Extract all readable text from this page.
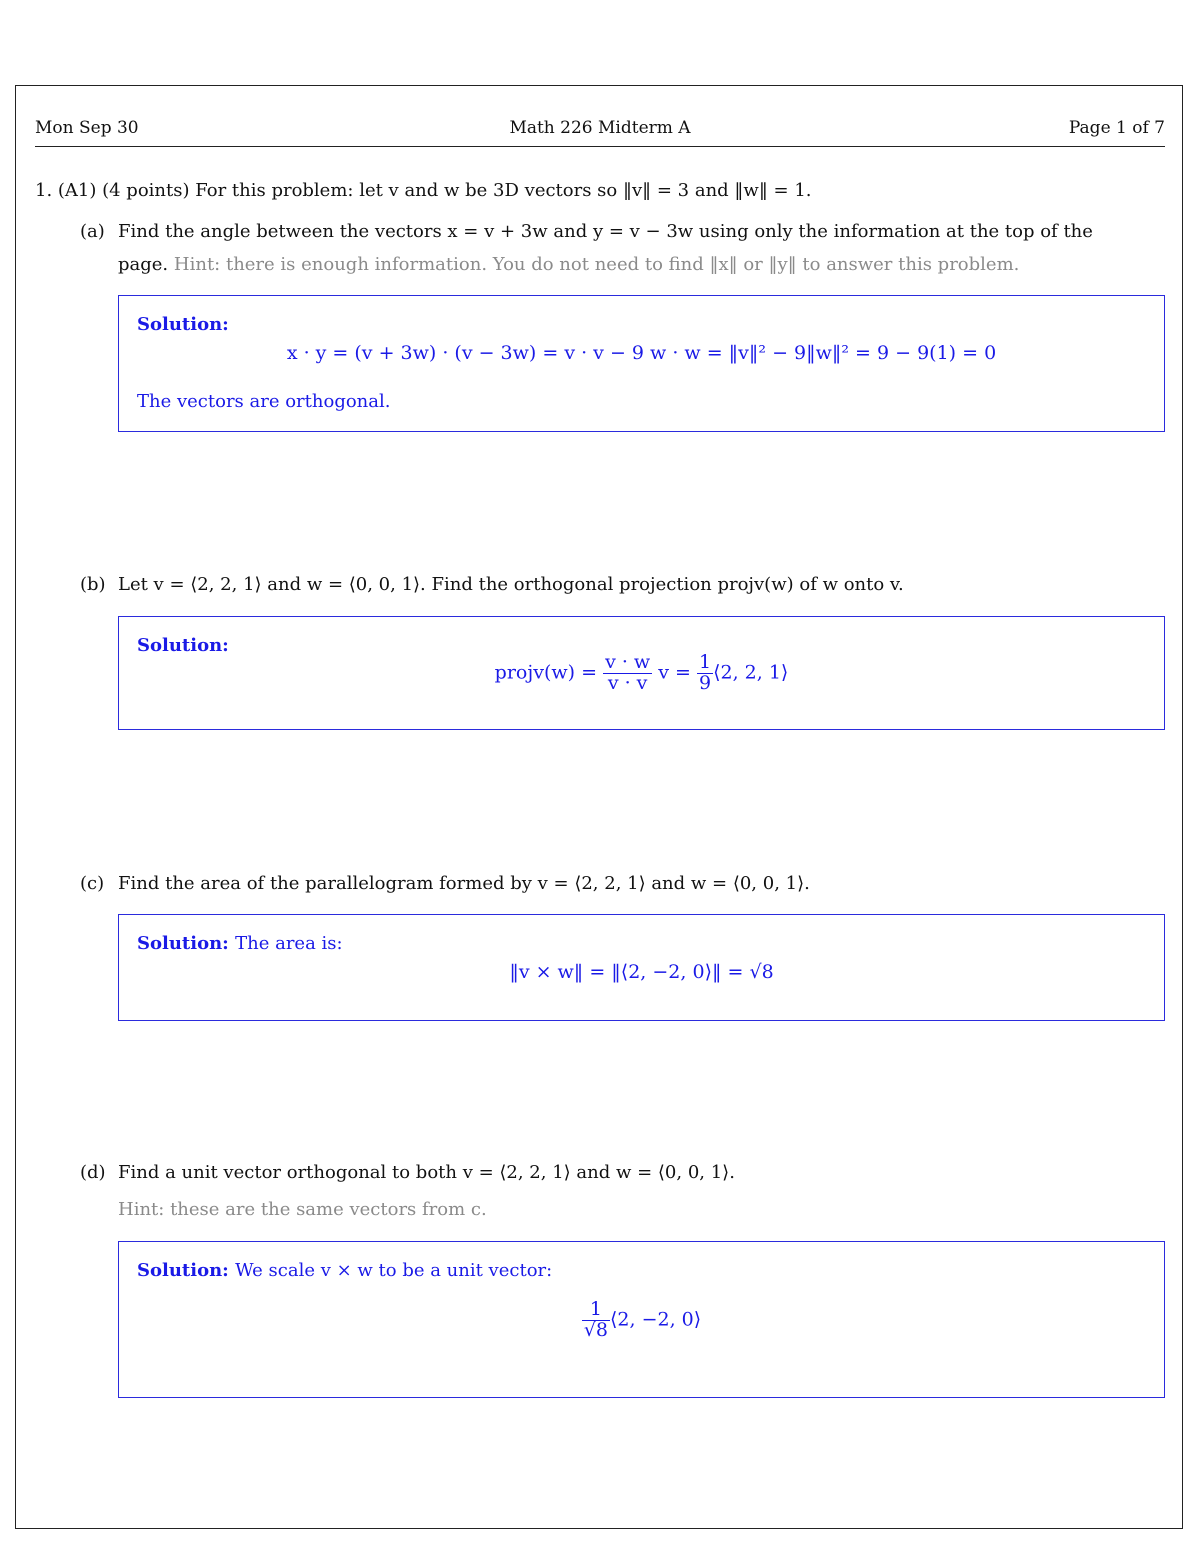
Mon Sep 30	Math 226 Midterm A	Page 1 of 7
1. (A1) (4 points) For this problem: let v and w be 3D vectors so ‖v‖ = 3 and ‖w‖ = 1.
(a) Find the angle between the vectors x = v + 3w and y = v − 3w using only the information at the top of the
page. Hint: there is enough information. You do not need to find ‖x‖ or ‖y‖ to answer this problem.
Solution:
x · y = (v + 3w) · (v − 3w) = v · v − 9 w · w = ‖v‖² − 9‖w‖² = 9 − 9(1) = 0
The vectors are orthogonal.
(b) Let v = ⟨2, 2, 1⟩ and w = ⟨0, 0, 1⟩. Find the orthogonal projection projv(w) of w onto v.
Solution:
projv(w) = $\frac{v \cdot w}{v \cdot v}$ $v = \frac{1}{9}$ ⟨2, 2, 1⟩
(c) Find the area of the parallelogram formed by v = ⟨2, 2, 1⟩ and w = ⟨0, 0, 1⟩.
Solution: The area is:
‖v × w‖ = ‖⟨2, −2, 0⟩‖ = √8
(d) Find a unit vector orthogonal to both v = ⟨2, 2, 1⟩ and w = ⟨0, 0, 1⟩.
Hint: these are the same vectors from c.
Solution: We scale v × w to be a unit vector:
$\frac{1}{√8}$ ⟨2, −2, 0⟩
